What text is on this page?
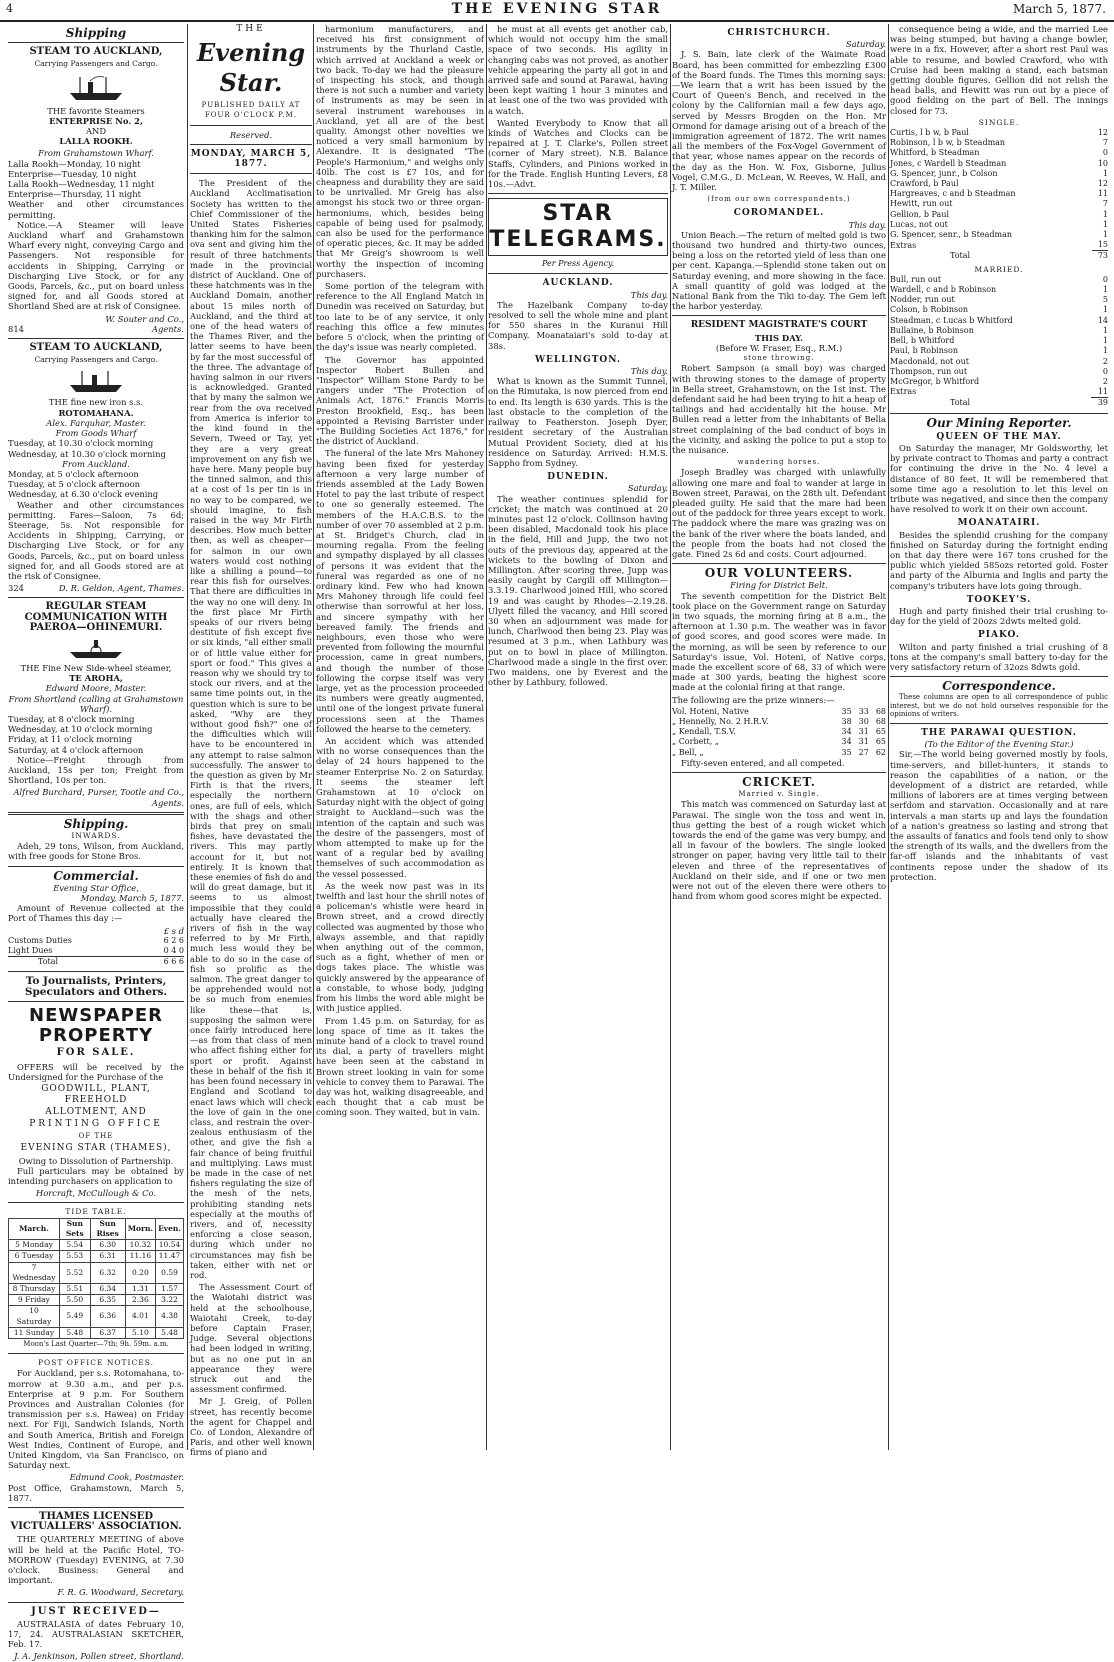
4	THE EVENING STAR	March 5, 1877.
Shipping
STEAM TO AUCKLAND,
Carrying Passengers and Cargo.
THE favorite Steamers
ENTERPRISE No. 2,
AND
LALLA ROOKH.
From Grahamstown Wharf.
Lalla Rookh—Monday, 10 night
Enterprise—Tuesday, 10 night
Lalla Rookh—Wednesday, 11 night
Enterprise—Thursday, 11 night
Weather and other circumstances permitting.

Notice.—A Steamer will leave Auckland wharf and Grahamstown Wharf every night, conveying Cargo and Passengers. Not responsible for accidents in Shipping, Carrying or Discharging Live Stock, or for any Goods, Parcels, &c., put on board unless signed for, and all Goods stored at Shortland Shed are at risk of Consignee.

W. Souter and Co.,
814	Agents.
STEAM TO AUCKLAND,
Carrying Passengers and Cargo.
THE fine new iron s.s.
ROTOMAHANA.
Alex. Farquhar, Master.
From Goods Wharf
Tuesday, at 10.30 o'clock morning
Wednesday, at 10.30 o'clock morning
From Auckland.
Monday, at 5 o'clock afternoon
Tuesday, at 5 o'clock afternoon
Wednesday, at 6.30 o'clock evening

Weather and other circumstances permitting. Fares—Saloon, 7s 6d; Steerage, 5s. Not responsible for Accidents in Shipping, Carrying, or Discharging Live Stock, or for any Goods, Parcels, &c., put on board unless signed for, and all Goods stored are at the risk of Consignee.

324	D. R. Geldon, Agent, Thames.
REGULAR STEAM COMMUNICATION WITH PAEROA—OHINEMURI.
THE Fine New Side-wheel steamer,
TE AROHA,
Edward Moore, Master.
From Shortland (calling at Grahamstown Wharf).
Tuesday, at 8 o'clock morning
Wednesday, at 10 o'clock morning
Friday, at 11 o'clock morning
Saturday, at 4 o'clock afternoon

Notice—Freight through from Auckland, 15s per ton; Freight from Shortland, 10s per ton.

Alfred Burchard, Purser, Tootle and Co., Agents.
Shipping.
INWARDS.

Adeh, 29 tons, Wilson, from Auckland, with free goods for Stone Bros.

Commercial.
Evening Star Office,
Monday, March 5, 1877.

Amount of Revenue collected at the Port of Thames this day :—

£ s d
Customs Duties	6 2 6
Light Dues	0 4 0
Total	6 6 6
To Journalists, Printers, Speculators and Others.
NEWSPAPER PROPERTY
FOR SALE.

OFFERS will be received by the Undersigned for the Purchase of the

GOODWILL, PLANT, FREEHOLD
ALLOTMENT, AND
PRINTING OFFICE
OF THE
EVENING STAR (THAMES),
Owing to Dissolution of Partnership.

Full particulars may be obtained by intending purchasers on application to

Horcraft, McCullough & Co.
TIDE TABLE.
March.	Sun Sets	Sun Rises	Morn.	Even.
5 Monday	5.54	6.30	10.32	10.54
6 Tuesday	5.53	6.31	11.16	11.47
7 Wednesday	5.52	6.32	0.20	0.59
8 Thursday	5.51	6.34	1.31	1.57
9 Friday	5.50	6.35	2.36	3.22
10 Saturday	5.49	6.36	4.01	4.38
11 Sunday	5.48	6.37	5.10	5.48
Moon's Last Quarter—7th; 9h. 59m. a.m.
POST OFFICE NOTICES.

For Auckland, per s.s. Rotomahana, to-morrow at 9.30 a.m., and per p.s. Enterprise at 9 p.m. For Southern Provinces and Australian Colonies (for transmission per s.s. Hawea) on Friday next. For Fiji, Sandwich Islands, North and South America, British and Foreign West Indies, Continent of Europe, and United Kingdom, via San Francisco, on Saturday next.

Edmund Cook, Postmaster.
Post Office, Grahamstown, March 5, 1877.
THAMES LICENSED VICTUALLERS' ASSOCIATION.

THE QUARTERLY MEETING of above will be held at the Pacific Hotel, TO-MORROW (Tuesday) EVENING, at 7.30 o'clock. Business: General and important.

F. R. G. Woodward, Secretary.
JUST RECEIVED—

AUSTRALASIA of dates February 10, 17, 24. AUSTRALASIAN SKETCHER, Feb. 17.

J. A. Jenkinson, Pollen street, Shortland.
THE
Evening Star.
PUBLISHED DAILY AT FOUR O'CLOCK P.M.
Reserved.
MONDAY, MARCH 5, 1877.

The President of the Auckland Acclimatisation Society has written to the Chief Commissioner of the United States Fisheries thanking him for the salmon ova sent and giving him the result of three hatchments made in the provincial district of Auckland. One of these hatchments was in the Auckland Domain, another about 15 miles north of Auckland, and the third at one of the head waters of the Thames River, and the latter seems to have been by far the most successful of the three. The advantage of having salmon in our rivers is acknowledged. Granted that by many the salmon we rear from the ova received from America is inferior to the kind found in the Severn, Tweed or Tay, yet they are a very great improvement on any fish we have here. Many people buy the tinned salmon, and this at a cost of 1s per tin is in no way to be compared, we should imagine, to fish raised in the way Mr Firth describes. How much better then, as well as cheaper—for salmon in our own waters would cost nothing like a shilling a pound—to rear this fish for ourselves. That there are difficulties in the way no one will deny. In the first place Mr Firth speaks of our rivers being destitute of fish except five or six kinds, "all either small or of little value either for sport or food." This gives a reason why we should try to stock our rivers, and at the same time points out, in the question which is sure to be asked, "Why are they without good fish?" one of the difficulties which will have to be encountered in any attempt to raise salmon successfully. The answer to the question as given by Mr Firth is that the rivers, especially the northern ones, are full of eels, which with the shags and other birds that prey on small fishes, have devastated the rivers. This may partly account for it, but not entirely. It is known that these enemies of fish do and will do great damage, but it seems to us almost impossible that they could actually have cleared the rivers of fish in the way referred to by Mr Firth, much less would they be able to do so in the case of fish so prolific as the salmon. The great danger to be apprehended would not be so much from enemies like these—that is, supposing the salmon were once fairly introduced here—as from that class of men who affect fishing either for sport or profit. Against these in behalf of the fish it has been found necessary in England and Scotland to enact laws which will check the love of gain in the one class, and restrain the over-zealous enthusiasm of the other, and give the fish a fair chance of being fruitful and multiplying. Laws must be made in the case of net fishers regulating the size of the mesh of the nets, prohibiting standing nets especially at the mouths of rivers, and of, necessity enforcing a close season, during which under no circumstances may fish be taken, either with net or rod.

The Assessment Court of the Waiotahi district was held at the schoolhouse, Waiotahi Creek, to-day before Captain Fraser, Judge. Several objections had been lodged in writing, but as no one put in an appearance they were struck out and the assessment confirmed.

Mr J. Greig, of Pollen street, has recently become the agent for Chappel and Co. of London, Alexandre of Paris, and other well known firms of piano and

harmonium manufacturers, and received his first consignment of instruments by the Thurland Castle, which arrived at Auckland a week or two back. To-day we had the pleasure of inspecting his stock, and though there is not such a number and variety of instruments as may be seen in several instrument warehouses in Auckland, yet all are of the best quality. Amongst other novelties we noticed a very small harmonium by Alexandre. It is designated "The People's Harmonium," and weighs only 40lb. The cost is £7 10s, and for cheapness and durability they are said to be unrivalled. Mr Greig has also amongst his stock two or three organ-harmoniums, which, besides being capable of being used for psalmody, can also be used for the performance of operatic pieces, &c. It may be added that Mr Greig's showroom is well worthy the inspection of incoming purchasers.

Some portion of the telegram with reference to the All England Match in Dunedin was received on Saturday, but too late to be of any service, it only reaching this office a few minutes before 5 o'clock, when the printing of the day's issue was nearly completed.

The Governor has appointed Inspector Robert Bullen and "Inspector" William Stone Pardy to be rangers under "The Protection of Animals Act, 1876." Francis Morris Preston Brookfield, Esq., has been appointed a Revising Barrister under "The Building Societies Act 1876," for the district of Auckland.

The funeral of the late Mrs Mahoney having been fixed for yesterday afternoon a very large number of friends assembled at the Lady Bowen Hotel to pay the last tribute of respect to one so generally esteemed. The members of the H.A.C.B.S. to the number of over 70 assembled at 2 p.m. at St. Bridget's Church, clad in mourning regalia. From the feeling and sympathy displayed by all classes of persons it was evident that the funeral was regarded as one of no ordinary kind. Few who had known Mrs Mahoney through life could feel otherwise than sorrowful at her loss, and sincere sympathy with her bereaved family. The friends and neighbours, even those who were prevented from following the mournful procession, came in great numbers, and though the number of those following the corpse itself was very large, yet as the procession proceeded its numbers were greatly augmented, until one of the longest private funeral processions seen at the Thames followed the hearse to the cemetery.

An accident which was attended with no worse consequences than the delay of 24 hours happened to the steamer Enterprise No. 2 on Saturday. It seems the steamer left Grahamstown at 10 o'clock on Saturday night with the object of going straight to Auckland—such was the intention of the captain and such was the desire of the passengers, most of whom attempted to make up for the want of a regular bed by availing themselves of such accommodation as the vessel possessed.

As the week now past was in its twelfth and last hour the shrill notes of a policeman's whistle were heard in Brown street, and a crowd directly collected was augmented by those who always assemble, and that rapidly when anything out of the common, such as a fight, whether of men or dogs takes place. The whistle was quickly answered by the appearance of a constable, to whose body, judging from his limbs the word able might be with justice applied.

From 1.45 p.m. on Saturday, for as long space of time as it takes the minute hand of a clock to travel round its dial, a party of travellers might have been seen at the cabstand in Brown street looking in vain for some vehicle to convey them to Parawai. The day was hot, walking disagreeable, and each thought that a cab must be coming soon. They waited, but in vain.

he must at all events get another cab, which would not occupy him the small space of two seconds. His agility in changing cabs was not proved, as another vehicle appearing the party all got in and arrived safe and sound at Parawai, having been kept waiting 1 hour 3 minutes and at least one of the two was provided with a watch.

Wanted Everybody to Know that all kinds of Watches and Clocks can be repaired at J. T. Clarke's, Pollen street (corner of Mary street). N.B. Balance Staffs, Cylinders, and Pinions worked in for the Trade. English Hunting Levers, £8 10s.—Advt.

STAR TELEGRAMS.
Per Press Agency.
AUCKLAND.
This day.

The Hazelbank Company to-day resolved to sell the whole mine and plant for 550 shares in the Kuranui Hill Company. Moanataiari's sold to-day at 38s.

WELLINGTON.
This day.

What is known as the Summit Tunnel, on the Rimutaka, is now pierced from end to end. Its length is 630 yards. This is the last obstacle to the completion of the railway to Featherston. Joseph Dyer, resident secretary of the Australian Mutual Provident Society, died at his residence on Saturday. Arrived: H.M.S. Sappho from Sydney.

DUNEDIN.
Saturday.

The weather continues splendid for cricket; the match was continued at 20 minutes past 12 o'clock. Collinson having been disabled, Macdonald took his place in the field, Hill and Jupp, the two not outs of the previous day, appeared at the wickets to the bowling of Dixon and Millington. After scoring three, Jupp was easily caught by Cargill off Millington—3.3.19. Charlwood joined Hill, who scored 19 and was caught by Rhodes—2.19.28. Ulyett filled the vacancy, and Hill scored 30 when an adjournment was made for lunch, Charlwood then being 23. Play was resumed at 3 p.m., when Lathbury was put on to bowl in place of Millington. Charlwood made a single in the first over. Two maidens, one by Everest and the other by Lathbury, followed.

CHRISTCHURCH.
Saturday.

J. S. Bain, late clerk of the Waimate Road Board, has been committed for embezzling £300 of the Board funds. The Times this morning says:—We learn that a writ has been issued by the Court of Queen's Bench, and received in the colony by the Californian mail a few days ago, served by Messrs Brogden on the Hon. Mr Ormond for damage arising out of a breach of the immigration agreement of 1872. The writ names all the members of the Fox-Vogel Government of that year, whose names appear on the records of the day as the Hon. W. Fox, Gisborne, Julius Vogel, C.M.G., D. McLean, W. Reeves, W. Hall, and J. T. Miller.

(from our own correspondents.)
COROMANDEL.
This day.

Union Beach.—The return of melted gold is two thousand two hundred and thirty-two ounces, being a loss on the retorted yield of less than one per cent. Kapanga.—Splendid stone taken out on Saturday evening, and more showing in the face. A small quantity of gold was lodged at the National Bank from the Tiki to-day. The Gem left the harbor yesterday.

RESIDENT MAGISTRATE'S COURT
THIS DAY.
(Before W. Fraser, Esq., R.M.)
stone throwing.

Robert Sampson (a small boy) was charged with throwing stones to the damage of property in Bella street, Grahamstown, on the 1st inst. The defendant said he had been trying to hit a heap of tailings and had accidentally hit the house. Mr Bullen read a letter from the inhabitants of Bella street complaining of the bad conduct of boys in the vicinity, and asking the police to put a stop to the nuisance.

wandering horses.

Joseph Bradley was charged with unlawfully allowing one mare and foal to wander at large in Bowen street, Parawai, on the 28th ult. Defendant pleaded guilty. He said that the mare had been out of the paddock for three years except to work. The paddock where the mare was grazing was on the bank of the river where the boats landed, and the people from the boats had not closed the gate. Fined 2s 6d and costs. Court adjourned.

OUR VOLUNTEERS.
Firing for District Belt.

The seventh competition for the District Belt took place on the Government range on Saturday in two squads, the morning firing at 8 a.m., the afternoon at 1.30 p.m. The weather was in favor of good scores, and good scores were made. In the morning, as will be seen by reference to our Saturday's issue, Vol. Hoteni, of Native corps, made the excellent score of 68, 33 of which were made at 300 yards, beating the highest score made at the colonial firing at that range.

The following are the prize winners:—

Vol. Hoteni, Native	35	33	68
„ Hennelly, No. 2 H.R.V.	38	30	68
„ Kendall, T.S.V.	34	31	65
„ Corbett, „	34	31	65
„ Bell, „	35	27	62

Fifty-seven entered, and all competed.

CRICKET.
Married v. Single.

This match was commenced on Saturday last at Parawai. The single won the toss and went in, thus getting the best of a rough wicket which towards the end of the game was very bumpy, and all in favour of the bowlers. The single looked stronger on paper, having very little tail to their eleven and three of the representatives of Auckland on their side, and if one or two men were not out of the eleven there were others to hand from whom good scores might be expected.

consequence being a wide, and the married Lee was being stumped, but having a change bowler, were in a fix. However, after a short rest Paul was able to resume, and bowled Crawford, who with Cruise had been making a stand, each batsman getting double figures. Gellion did not relish the head balls, and Hewitt was run out by a piece of good fielding on the part of Bell. The innings closed for 73.

SINGLE.
Curtis, l b w, b Paul	12
Robinson, l b w, b Steadman	7
Whitford, b Steadman	0
Jones, c Wardell b Steadman	10
G. Spencer, junr., b Colson	1
Crawford, b Paul	12
Hargreaves, c and b Steadman	11
Hewitt, run out	7
Gellion, b Paul	1
Lucas, not out	1
G. Spencer, senr., b Steadman	1
Extras	15
Total	73
MARRIED.
Bull, run out	0
Wardell, c and b Robinson	1
Nodder, run out	5
Colson, b Robinson	1
Steadman, c Lucas b Whitford	14
Bullaine, b Robinson	1
Bell, b Whitford	1
Paul, b Robinson	1
Macdonald, not out	2
Thompson, run out	0
McGregor, b Whitford	2
Extras	11
Total	39
Our Mining Reporter.
QUEEN OF THE MAY.

On Saturday the manager, Mr Goldsworthy, let by private contract to Thomas and party a contract for continuing the drive in the No. 4 level a distance of 80 feet. It will be remembered that some time ago a resolution to let this level on tribute was negatived, and since then the company have resolved to work it on their own account.

MOANATAIRI.

Besides the splendid crushing for the company finished on Saturday during the fortnight ending on that day there were 167 tons crushed for the public which yielded 585ozs retorted gold. Foster and party of the Alburnia and Inglis and party the company's tributers have lots going through.

TOOKEY'S.

Hugh and party finished their trial crushing to-day for the yield of 20ozs 2dwts melted gold.

PIAKO.

Wilton and party finished a trial crushing of 8 tons at the company's small battery to-day for the very satisfactory return of 32ozs 8dwts gold.

Correspondence.

These columns are open to all correspondence of public interest, but we do not hold ourselves responsible for the opinions of writers.

THE PARAWAI QUESTION.
(To the Editor of the Evening Star.)

Sir,—The world being governed mostly by fools, time-servers, and billet-hunters, it stands to reason the capabilities of a nation, or the development of a district are retarded, while millions of laborers are at times verging between serfdom and starvation. Occasionally and at rare intervals a man starts up and lays the foundation of a nation's greatness so lasting and strong that the assaults of fanatics and fools tend only to show the strength of its walls, and the dwellers from the far-off islands and the inhabitants of vast continents repose under the shadow of its protection.
